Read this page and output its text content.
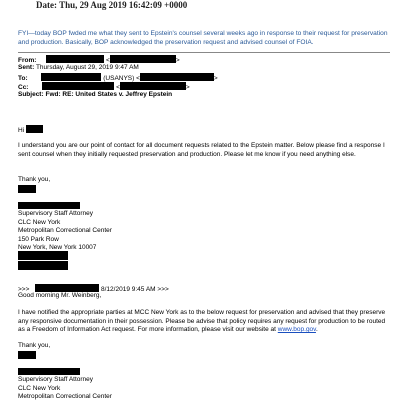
Date: Thu, 29 Aug 2019 16:42:09 +0000
FYI—today BOP fwded me what they sent to Epstein's counsel several weeks ago in response to their request for preservation and production. Basically, BOP acknowledged the preservation request and advised counsel of FOIA.
From:	<	>
Sent: Thursday, August 29, 2019 9:47 AM
To:	(USANYS) <	>
Cc:	<	>
Subject: Fwd: RE: United States v. Jeffrey Epstein
Hi
I understand you are our point of contact for all document requests related to the Epstein matter. Below please find a response I sent counsel when they initially requested preservation and production. Please let me know if you need anything else.
Thank you,
Supervisory Staff Attorney
CLC New York
Metropolitan Correctional Center
150 Park Row
New York, New York 10007
>>>	8/12/2019 9:45 AM >>>
Good morning Mr. Weinberg,
I have notified the appropriate parties at MCC New York as to the below request for preservation and advised that they preserve any responsive documentation in their possession. Please be advise that policy requires any request for production to be routed as a Freedom of Information Act request. For more information, please visit our website at www.bop.gov.
Thank you,
Supervisory Staff Attorney
CLC New York
Metropolitan Correctional Center
